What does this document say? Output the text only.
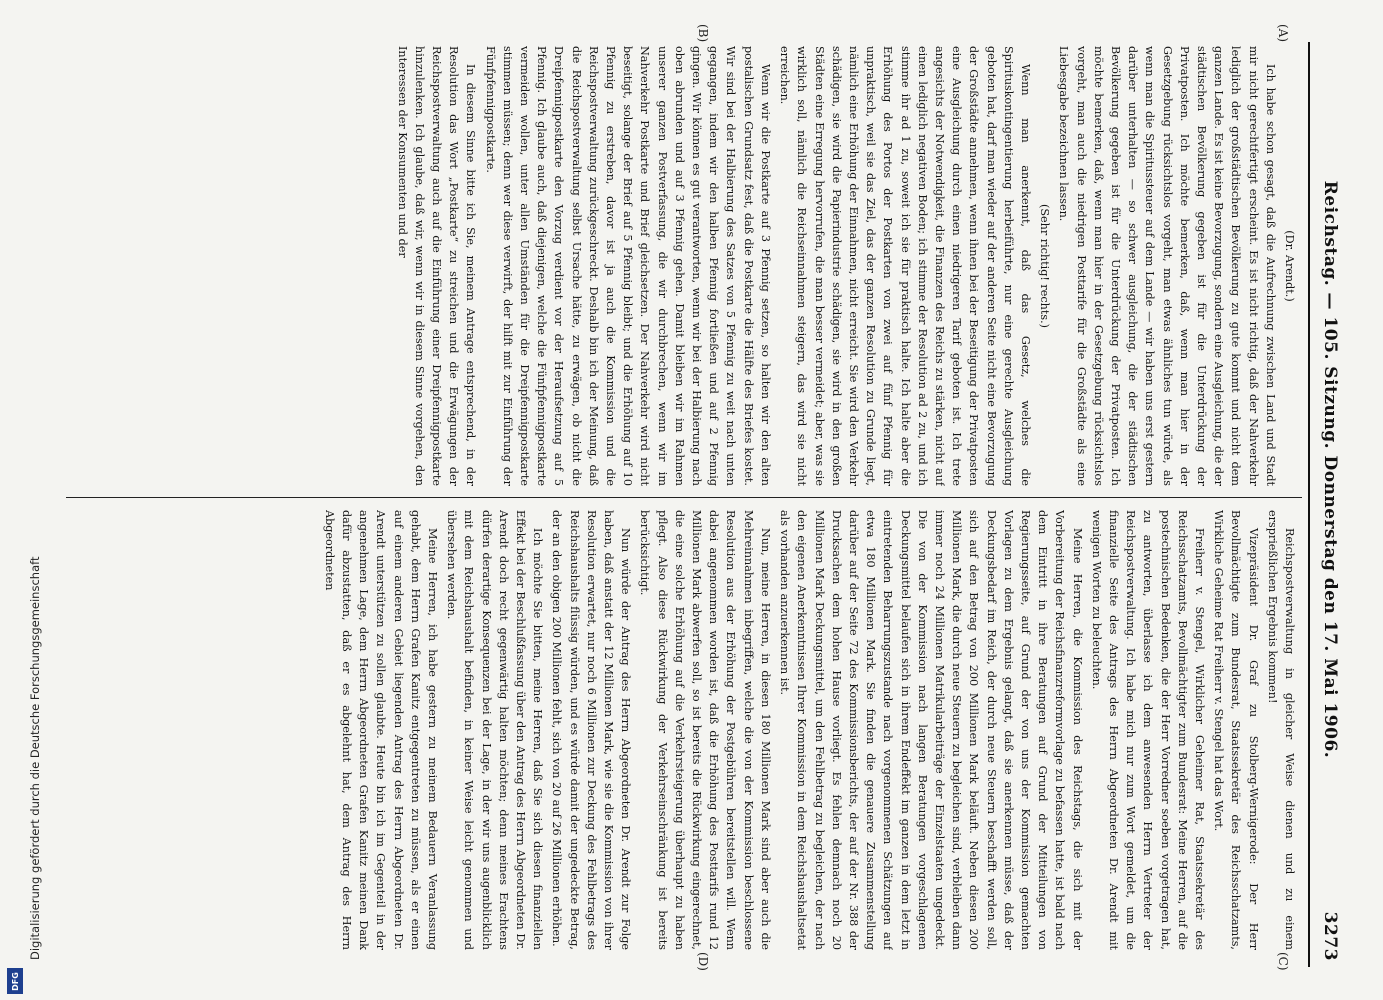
Reichstag. — 105. Sitzung. Donnerstag den 17. Mai 1906.
3273
(A)
(B)
(C)
(D)

(Dr. Arendt.)

Ich habe schon gesagt, daß die Aufrechnung zwischen Land und Stadt mir nicht gerechtfertigt erscheint. Es ist nicht richtig, daß der Nahverkehr lediglich der großstädtischen Bevölkerung zu gute kommt und nicht dem ganzen Lande. Es ist keine Bevorzugung, sondern eine Ausgleichung, die der städtischen Bevölkerung gegeben ist für die Unterdrückung der Privatposten. Ich möchte bemerken, daß, wenn man hier in der Gesetzgebung rücksichtslos vorgeht, man etwas ähnliches tun würde, als wenn man die Spiritussteuer auf dem Lande — wir haben uns erst gestern darüber unterhalten — so schwer ausgleichung, die der städtischen Bevölkerung gegeben ist für die Unterdrückung der Privatposten. Ich möchte bemerken, daß, wenn man hier in der Gesetzgebung rücksichtslos vorgeht, man auch die niedrigen Posttarife für die Großstädte als eine Liebesgabe bezeichnen lassen.

(Sehr richtig! rechts.)

Wenn man anerkennt, daß das Gesetz, welches die Spirituskontingentierung herbeiführte, nur eine gerechte Ausgleichung geboten hat, darf man wieder auf der anderen Seite nicht eine Bevorzugung der Großstädte annehmen, wenn ihnen bei der Beseitigung der Privatposten eine Ausgleichung durch einen niedrigeren Tarif geboten ist. Ich trete angesichts der Notwendigkeit, die Finanzen des Reichs zu stärken, nicht auf einen lediglich negativen Boden; ich stimme der Resolution ad 2 zu, und ich stimme ihr ad 1 zu, soweit ich sie für praktisch halte. Ich halte aber die Erhöhung des Portos der Postkarten von zwei auf fünf Pfennig für unpraktisch, weil sie das Ziel, das der ganzen Resolution zu Grunde liegt, nämlich eine Erhöhung der Einnahmen, nicht erreicht. Sie wird den Verkehr schädigen, sie wird die Papierindustrie schädigen, sie wird in den großen Städten eine Erregung hervorrufen, die man besser vermeidet; aber, was sie wirklich soll, nämlich die Reichseinnahmen steigern, das wird sie nicht erreichen.

Wenn wir die Postkarte auf 3 Pfennig setzen, so halten wir den alten postalischen Grundsatz fest, daß die Postkarte die Hälfte des Briefes kostet. Wir sind bei der Halbierung des Satzes von 5 Pfennig zu weit nach unten gegangen, indem wir den halben Pfennig fortließen und auf 2 Pfennig gingen. Wir können es gut verantworten, wenn wir bei der Halbierung nach oben abrunden und auf 3 Pfennig gehen. Damit bleiben wir im Rahmen unserer ganzen Postverfassung, die wir durchbrechen, wenn wir im Nahverkehr Postkarte und Brief gleichsetzen. Der Nahverkehr wird nicht beseitigt, solange der Brief auf 5 Pfennig bleibt; und die Erhöhung auf 10 Pfennig zu erstreben, davor ist ja auch die Kommission und die Reichspostverwaltung zurückgeschreckt. Deshalb bin ich der Meinung, daß die Reichspostverwaltung selbst Ursache hätte, zu erwägen, ob nicht die Dreipfennigpostkarte den Vorzug verdient vor der Heraufsetzung auf 5 Pfennig. Ich glaube auch, daß diejenigen, welche die Fünfpfennigpostkarte vermeiden wollen, unter allen Umständen für die Dreipfennigpostkarte stimmen müssen; denn wer diese verwirft, der hilft mit zur Einführung der Fünfpfennigpostkarte.

In diesem Sinne bitte ich Sie, meinem Antrage entsprechend, in der Resolution das Wort „Postkarte“ zu streichen und die Erwägungen der Reichspostverwaltung auch auf die Einführung einer Dreipfennigpostkarte hinzulenken. Ich glaube, daß wir, wenn wir in diesem Sinne vorgehen, den Interessen der Konsumenten und der

Reichspostverwaltung in gleicher Weise dienen und zu einem ersprießlichen Ergebnis kommen!

Vizepräsident Dr. Graf zu Stolberg-Wernigerode: Der Herr Bevollmächtigte zum Bundesrat, Staatssekretär des Reichsschatzamts, Wirkliche Geheime Rat Freiherr v. Stengel hat das Wort.

Freiherr v. Stengel, Wirklicher Geheimer Rat, Staatssekretär des Reichsschatzamts, Bevollmächtigter zum Bundesrat: Meine Herren, auf die postechnischen Bedenken, die der Herr Vorredner soeben vorgetragen hat, zu antworten, überlasse ich dem anwesenden Herrn Vertreter der Reichspostverwaltung. Ich habe mich nur zum Wort gemeldet, um die finanzielle Seite des Antrags des Herrn Abgeordneten Dr. Arendt mit wenigen Worten zu beleuchten.

Meine Herren, die Kommission des Reichstags, die sich mit der Vorbereitung der Reichsfinanzreformvorlage zu befassen hatte, ist bald nach dem Eintritt in ihre Beratungen auf Grund der Mitteilungen von Regierungsseite, auf Grund der von uns der Kommission gemachten Vorlagen zu dem Ergebnis gelangt, daß sie anerkennen müsse, daß der Deckungsbedarf im Reich, der durch neue Steuern beschafft werden soll, sich auf den Betrag von 200 Millionen Mark beläuft. Neben diesen 200 Millionen Mark, die durch neue Steuern zu begleichen sind, verbleiben dann immer noch 24 Millionen Matrikularbeiträge der Einzelstaaten ungedeckt. Die von der Kommission nach langen Beratungen vorgeschlagenen Deckungsmittel belaufen sich in ihrem Endeffekt im ganzen in dem letzt in eintretenden Beharrungszustande nach vorgenommenen Schätzungen auf etwa 180 Millionen Mark. Sie finden die genauere Zusammenstellung darüber auf der Seite 72 des Kommissionsberichts, der auf der Nr. 388 der Drucksachen dem hohen Hause vorliegt. Es fehlen demnach noch 20 Millionen Mark Deckungsmittel, um den Fehlbetrag zu begleichen, der nach den eigenen Anerkenntnissen Ihrer Kommission in dem Reichshaushaltsetat als vorhanden anzuerkennen ist.

Nun, meine Herren, in diesen 180 Millionen Mark sind aber auch die Mehreinnahmen inbegriffen, welche die von der Kommission beschlossene Resolution aus der Erhöhung der Postgebühren bereitstellen will. Wenn dabei angenommen worden ist, daß die Erhöhung des Posttarifs rund 12 Millionen Mark abwerfen soll, so ist bereits die Rückwirkung eingerechnet, die eine solche Erhöhung auf die Verkehrsteigerung überhaupt zu haben pflegt. Also diese Rückwirkung der Verkehrseinschränkung ist bereits berücksichtigt.

Nun würde der Antrag des Herrn Abgeordneten Dr. Arendt zur Folge haben, daß anstatt der 12 Millionen Mark, wie sie die Kommission von ihrer Resolution erwartet, nur noch 6 Millionen zur Deckung des Fehlbetrags des Reichshaushalts flüssig würden, und es würde damit der ungedeckte Betrag, der an den obigen 200 Millionen fehlt, sich von 20 auf 26 Millionen erhöhen.

Ich möchte Sie bitten, meine Herren, daß Sie sich diesen finanziellen Effekt bei der Beschlußfassung über den Antrag des Herrn Abgeordneten Dr. Arendt doch recht gegenwärtig halten möchten; denn meines Erachtens dürfen derartige Konsequenzen bei der Lage, in der wir uns augenblicklich mit dem Reichshaushalt befinden, in keiner Weise leicht genommen und übersehen werden.

Meine Herren, ich habe gestern zu meinem Bedauern Veranlassung gehabt, dem Herrn Grafen Kanitz entgegentreten zu müssen, als er einen auf einem anderen Gebiet liegenden Antrag des Herrn Abgeordneten Dr. Arendt unterstützen zu sollen glaubte. Heute bin ich im Gegenteil in der angenehmen Lage, dem Herrn Abgeordneten Grafen Kanitz meinen Dank dafür abzustatten, daß er es abgelehnt hat, dem Antrag des Herrn Abgeordneten

Digitalisierung gefördert durch die Deutsche Forschungsgemeinschaft
DFG
